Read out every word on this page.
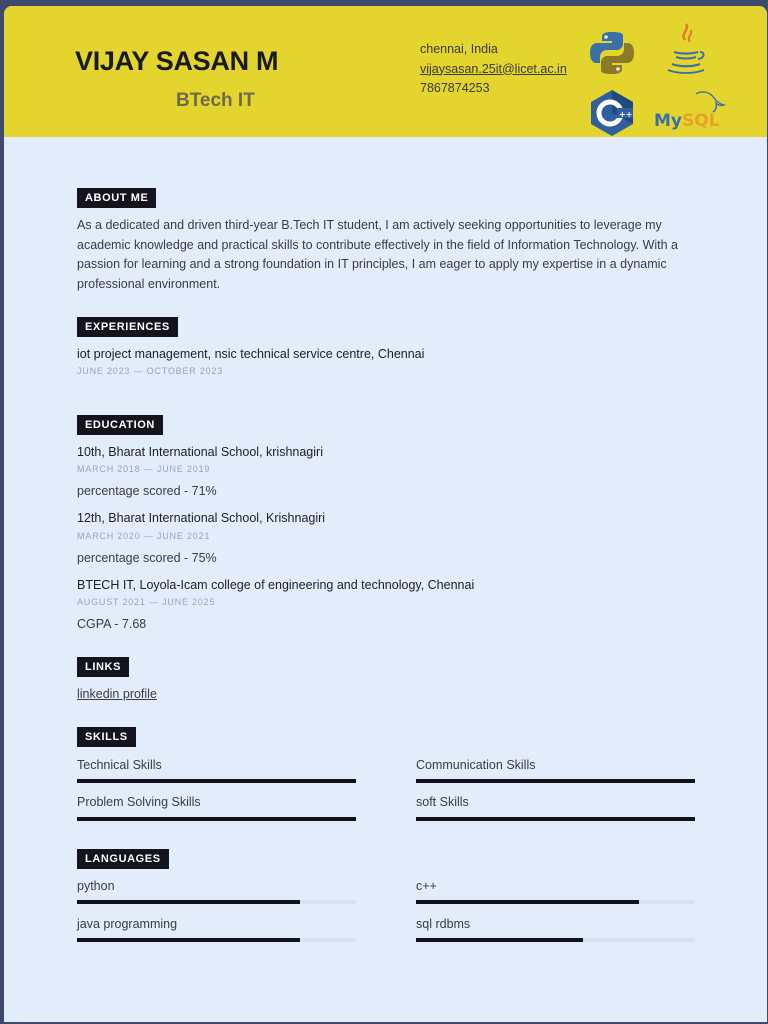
VIJAY SASAN M
BTech IT
chennai, India
vijaysasan.25it@licet.ac.in
7867874253
++ My SQL
ABOUT ME
As a dedicated and driven third-year B.Tech IT student, I am actively seeking opportunities to leverage my academic knowledge and practical skills to contribute effectively in the field of Information Technology. With a passion for learning and a strong foundation in IT principles, I am eager to apply my expertise in a dynamic professional environment.
EXPERIENCES
iot project management, nsic technical service centre, Chennai
JUNE 2023 — OCTOBER 2023
EDUCATION
10th, Bharat International School, krishnagiri
MARCH 2018 — JUNE 2019
percentage scored - 71%
12th, Bharat International School, Krishnagiri
MARCH 2020 — JUNE 2021
percentage scored - 75%
BTECH IT, Loyola-Icam college of engineering and technology, Chennai
AUGUST 2021 — JUNE 2025
CGPA - 7.68
LINKS
linkedin profile
SKILLS
Technical Skills	Communication Skills
Problem Solving Skills	soft Skills
LANGUAGES
python	c++
java programming	sql rdbms
